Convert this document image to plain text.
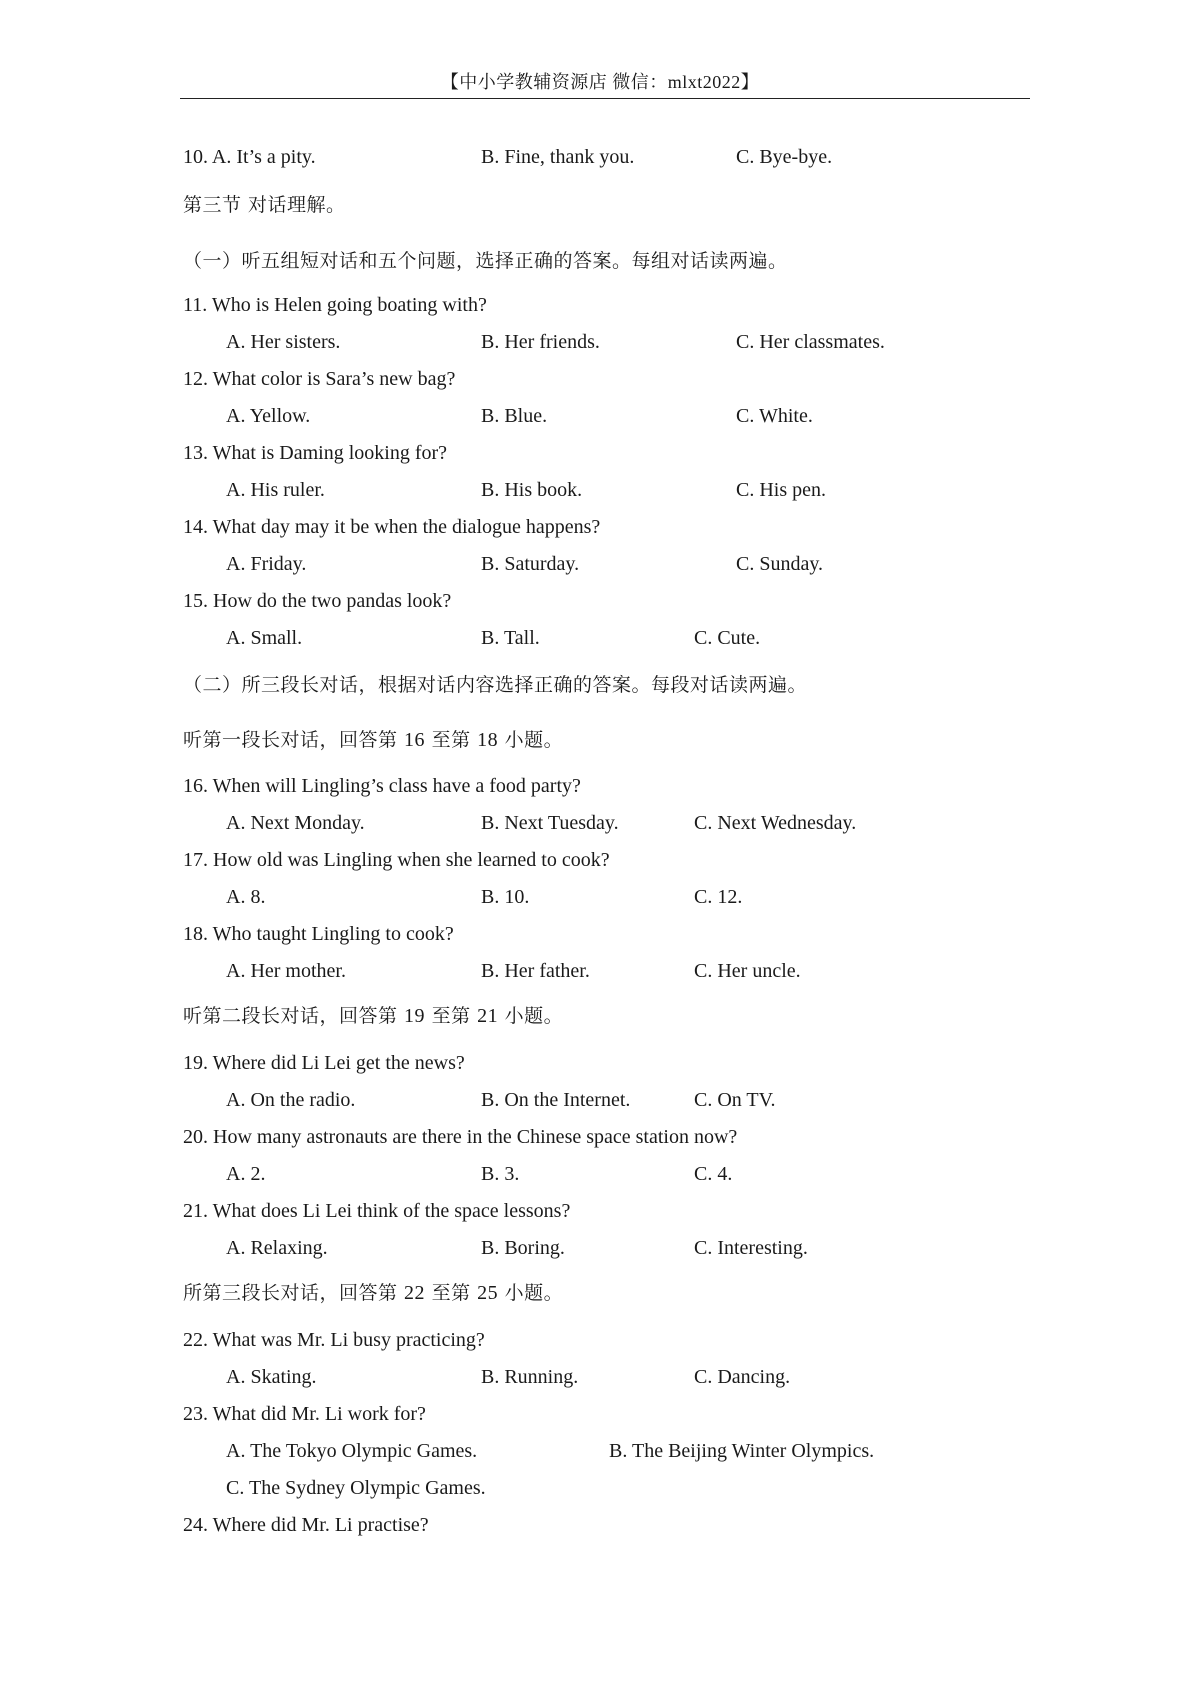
【中小学教辅资源店 微信：mlxt2022】
10. A. It’s a pity.	B. Fine, thank you.	C. Bye-bye.
第三节 对话理解。
（一）听五组短对话和五个问题，选择正确的答案。每组对话读两遍。
11. Who is Helen going boating with?
A. Her sisters.	B. Her friends.	C. Her classmates.
12. What color is Sara’s new bag?
A. Yellow.	B. Blue.	C. White.
13. What is Daming looking for?
A. His ruler.	B. His book.	C. His pen.
14. What day may it be when the dialogue happens?
A. Friday.	B. Saturday.	C. Sunday.
15. How do the two pandas look?
A. Small.	B. Tall.	C. Cute.
（二）所三段长对话，根据对话内容选择正确的答案。每段对话读两遍。
听第一段长对话，回答第 16 至第 18 小题。
16. When will Lingling’s class have a food party?
A. Next Monday.	B. Next Tuesday.	C. Next Wednesday.
17. How old was Lingling when she learned to cook?
A. 8.	B. 10.	C. 12.
18. Who taught Lingling to cook?
A. Her mother.	B. Her father.	C. Her uncle.
听第二段长对话，回答第 19 至第 21 小题。
19. Where did Li Lei get the news?
A. On the radio.	B. On the Internet.	C. On TV.
20. How many astronauts are there in the Chinese space station now?
A. 2.	B. 3.	C. 4.
21. What does Li Lei think of the space lessons?
A. Relaxing.	B. Boring.	C. Interesting.
所第三段长对话，回答第 22 至第 25 小题。
22. What was Mr. Li busy practicing?
A. Skating.	B. Running.	C. Dancing.
23. What did Mr. Li work for?
A. The Tokyo Olympic Games.	B. The Beijing Winter Olympics.
C. The Sydney Olympic Games.
24. Where did Mr. Li practise?
